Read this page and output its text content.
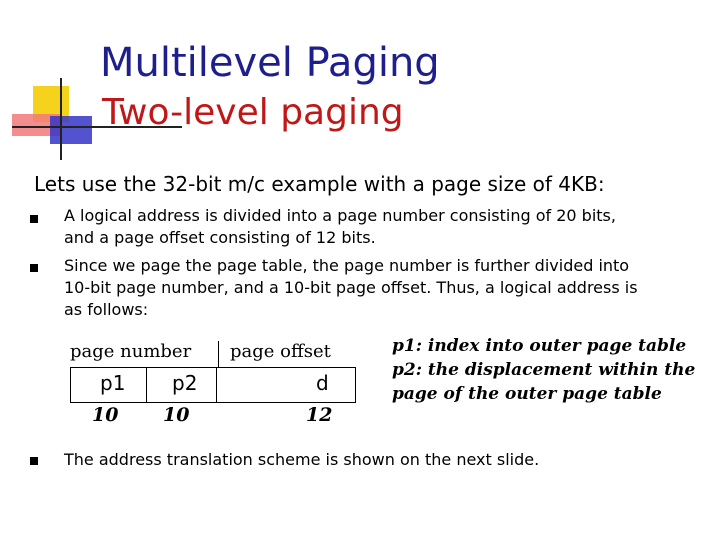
Multilevel Paging
Two-level paging
Lets use the 32-bit m/c example with a page size of 4KB:
A logical address is divided into a page number consisting of 20 bits,
and a page offset consisting of 12 bits.
Since we page the page table, the page number is further divided into
10-bit page number, and a 10-bit page offset. Thus, a logical address is
as follows:
page number page offset
p1 p2	d
10 10	12
p1: index into outer page table
p2: the displacement within the
page of the outer page table
The address translation scheme is shown on the next slide.
